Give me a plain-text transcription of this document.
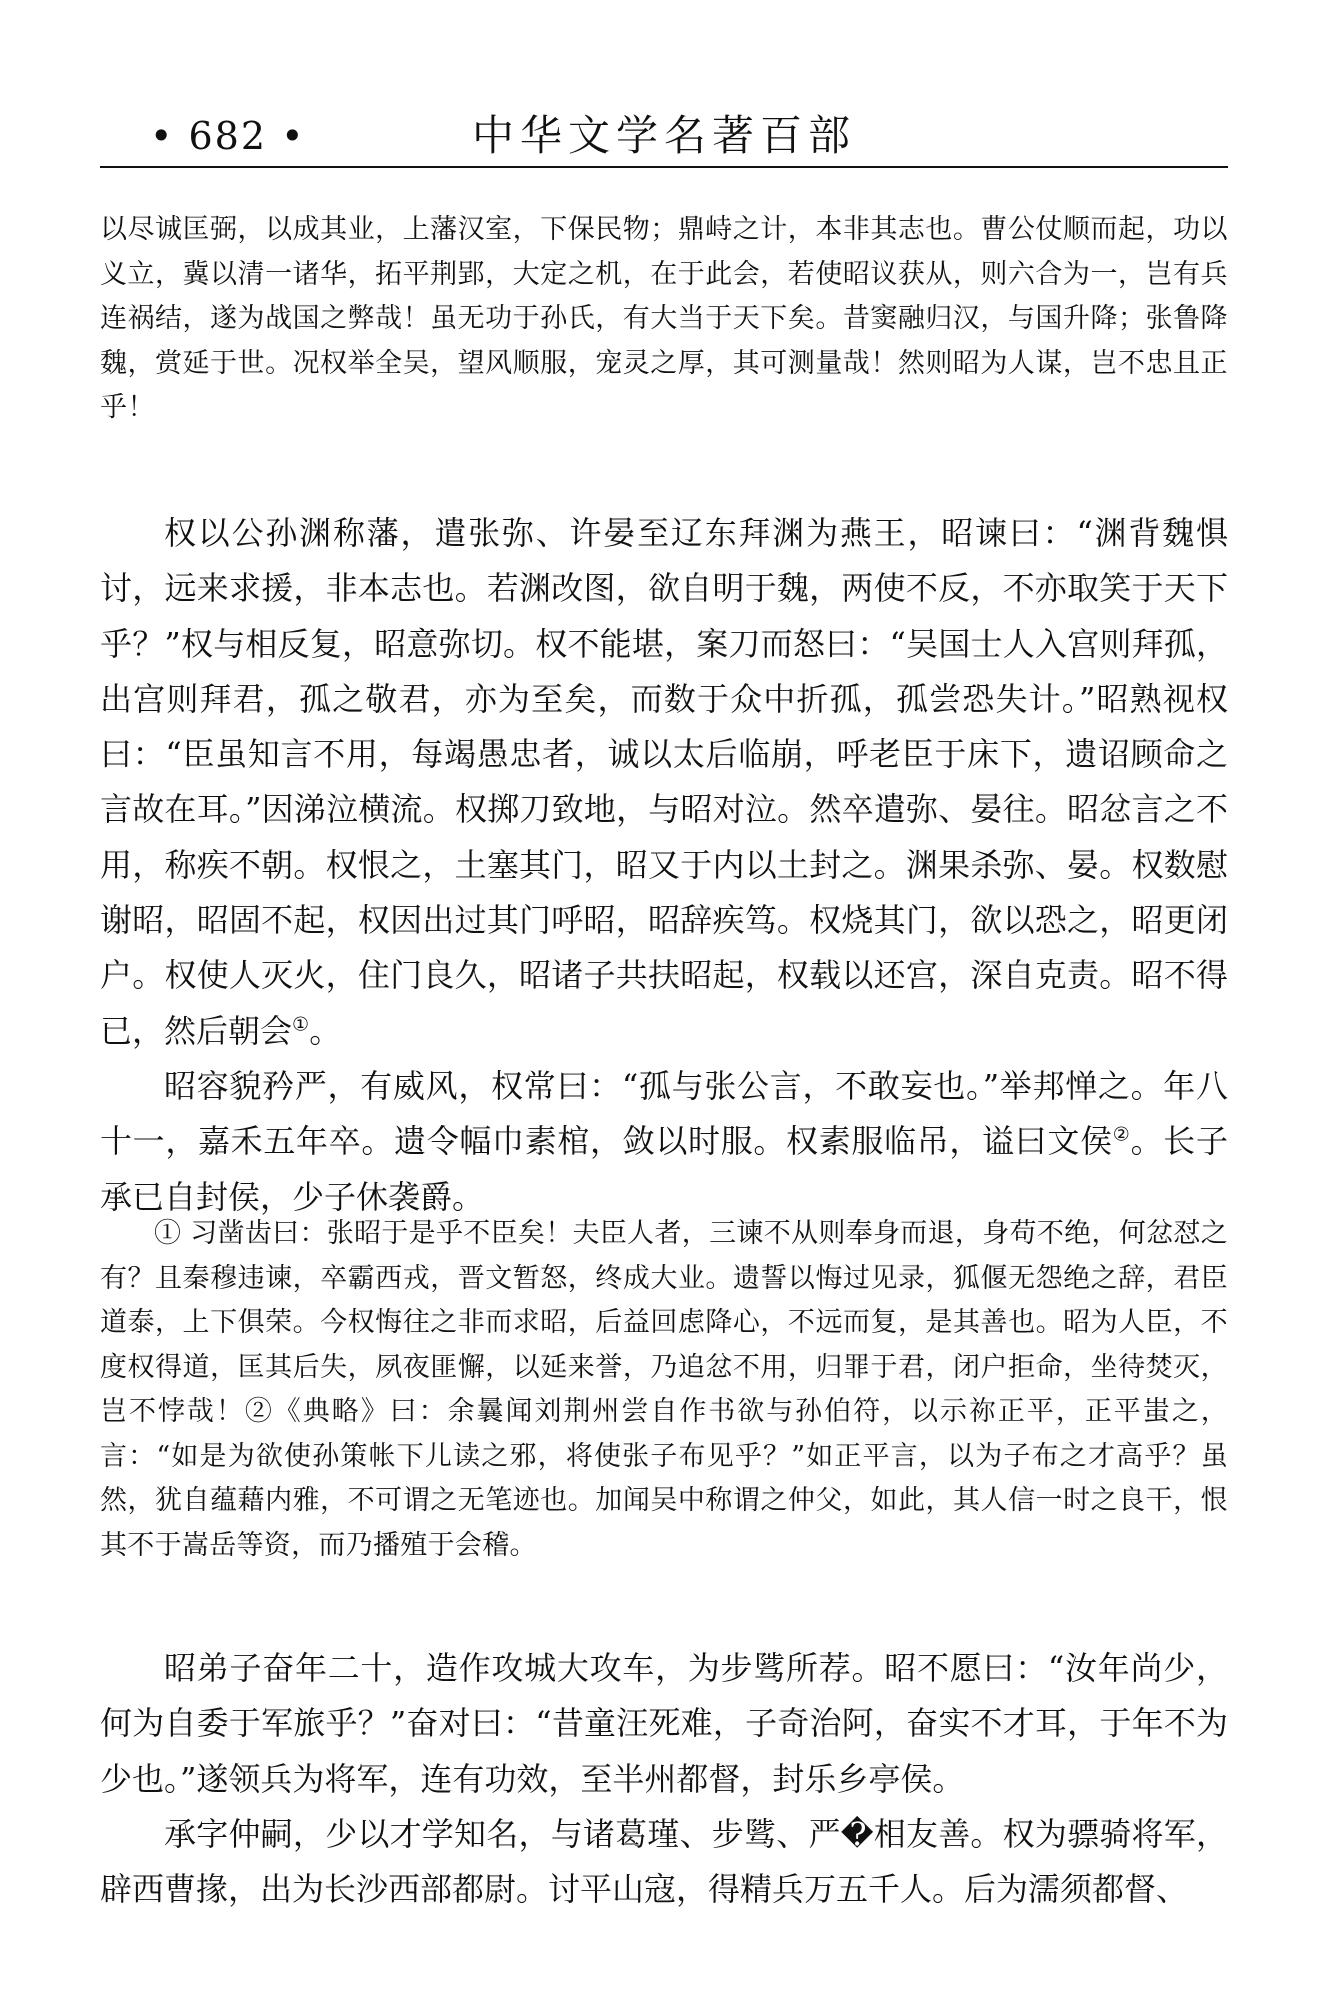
• 682 •	中华文学名著百部

以尽诚匡弼，以成其业，上藩汉室，下保民物；鼎峙之计，本非其志也。曹公仗顺而起，功以义立，冀以清一诸华，拓平荆郢，大定之机，在于此会，若使昭议获从，则六合为一，岂有兵连祸结，遂为战国之弊哉！虽无功于孙氏，有大当于天下矣。昔窦融归汉，与国升降；张鲁降魏，赏延于世。况权举全吴，望风顺服，宠灵之厚，其可测量哉！然则昭为人谋，岂不忠且正乎！

权以公孙渊称藩，遣张弥、许晏至辽东拜渊为燕王，昭谏曰：“渊背魏惧讨，远来求援，非本志也。若渊改图，欲自明于魏，两使不反，不亦取笑于天下乎？”权与相反复，昭意弥切。权不能堪，案刀而怒曰：“吴国士人入宫则拜孤，出宫则拜君，孤之敬君，亦为至矣，而数于众中折孤，孤尝恐失计。”昭熟视权曰：“臣虽知言不用，每竭愚忠者，诚以太后临崩，呼老臣于床下，遗诏顾命之言故在耳。”因涕泣横流。权掷刀致地，与昭对泣。然卒遣弥、晏往。昭忿言之不用，称疾不朝。权恨之，土塞其门，昭又于内以土封之。渊果杀弥、晏。权数慰谢昭，昭固不起，权因出过其门呼昭，昭辞疾笃。权烧其门，欲以恐之，昭更闭户。权使人灭火，住门良久，昭诸子共扶昭起，权载以还宫，深自克责。昭不得已，然后朝会①。

昭容貌矜严，有威风，权常曰：“孤与张公言，不敢妄也。”举邦惮之。年八十一，嘉禾五年卒。遗令幅巾素棺，敛以时服。权素服临吊，谥曰文侯②。长子承已自封侯，少子休袭爵。

① 习凿齿曰：张昭于是乎不臣矣！夫臣人者，三谏不从则奉身而退，身苟不绝，何忿怼之有？且秦穆违谏，卒霸西戎，晋文暂怒，终成大业。遗誓以悔过见录，狐偃无怨绝之辞，君臣道泰，上下俱荣。今权悔往之非而求昭，后益回虑降心，不远而复，是其善也。昭为人臣，不度权得道，匡其后失，夙夜匪懈，以延来誉，乃追忿不用，归罪于君，闭户拒命，坐待焚灭，岂不悖哉！②《典略》曰：余曩闻刘荆州尝自作书欲与孙伯符，以示祢正平，正平蚩之，言：“如是为欲使孙策帐下儿读之邪，将使张子布见乎？”如正平言，以为子布之才高乎？虽然，犹自蕴藉内雅，不可谓之无笔迹也。加闻吴中称谓之仲父，如此，其人信一时之良干，恨其不于嵩岳等资，而乃播殖于会稽。

昭弟子奋年二十，造作攻城大攻车，为步骘所荐。昭不愿曰：“汝年尚少，何为自委于军旅乎？”奋对曰：“昔童汪死难，子奇治阿，奋实不才耳，于年不为少也。”遂领兵为将军，连有功效，至半州都督，封乐乡亭侯。

承字仲嗣，少以才学知名，与诸葛瑾、步骘、严�相友善。权为骠骑将军，辟西曹掾，出为长沙西部都尉。讨平山寇，得精兵万五千人。后为濡须都督、
